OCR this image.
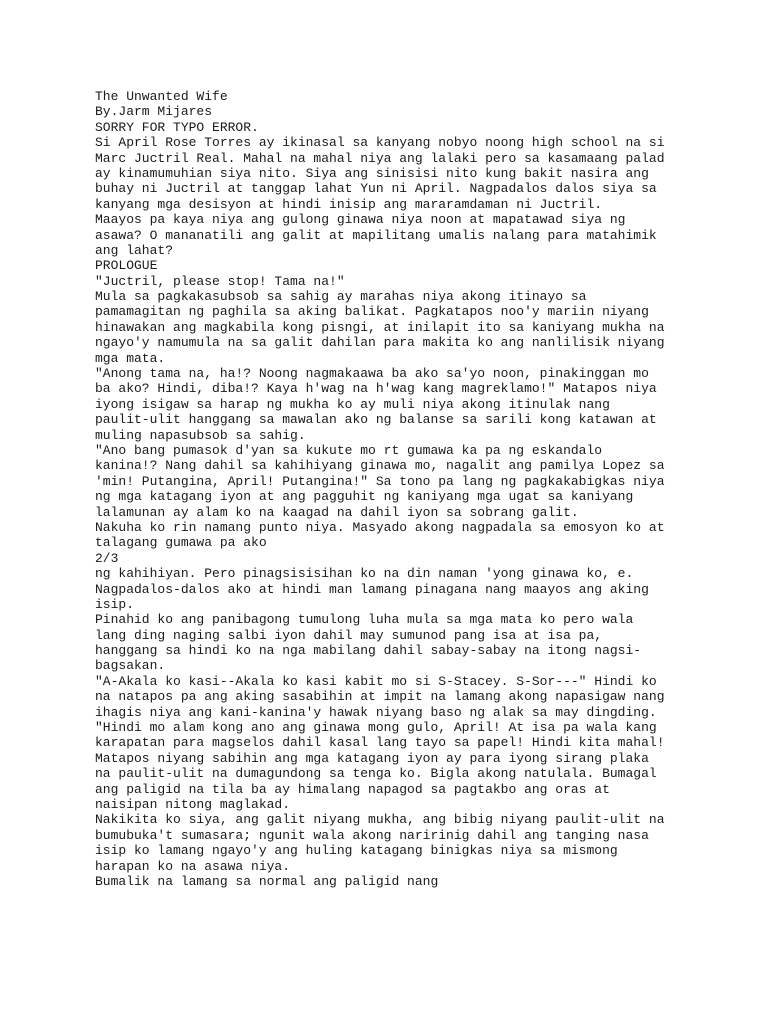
The Unwanted Wife
By.Jarm Mijares
SORRY FOR TYPO ERROR.
Si April Rose Torres ay ikinasal sa kanyang nobyo noong high school na si
Marc Juctril Real. Mahal na mahal niya ang lalaki pero sa kasamaang palad
ay kinamumuhian siya nito. Siya ang sinisisi nito kung bakit nasira ang
buhay ni Juctril at tanggap lahat Yun ni April. Nagpadalos dalos siya sa
kanyang mga desisyon at hindi inisip ang mararamdaman ni Juctril.
Maayos pa kaya niya ang gulong ginawa niya noon at mapatawad siya ng
asawa? O mananatili ang galit at mapilitang umalis nalang para matahimik
ang lahat?
PROLOGUE
"Juctril, please stop! Tama na!"
Mula sa pagkakasubsob sa sahig ay marahas niya akong itinayo sa
pamamagitan ng paghila sa aking balikat. Pagkatapos noo'y mariin niyang
hinawakan ang magkabila kong pisngi, at inilapit ito sa kaniyang mukha na
ngayo'y namumula na sa galit dahilan para makita ko ang nanlilisik niyang
mga mata.
"Anong tama na, ha!? Noong nagmakaawa ba ako sa'yo noon, pinakinggan mo
ba ako? Hindi, diba!? Kaya h'wag na h'wag kang magreklamo!" Matapos niya
iyong isigaw sa harap ng mukha ko ay muli niya akong itinulak nang
paulit-ulit hanggang sa mawalan ako ng balanse sa sarili kong katawan at
muling napasubsob sa sahig.
"Ano bang pumasok d'yan sa kukute mo rt gumawa ka pa ng eskandalo
kanina!? Nang dahil sa kahihiyang ginawa mo, nagalit ang pamilya Lopez sa
'min! Putangina, April! Putangina!" Sa tono pa lang ng pagkakabigkas niya
ng mga katagang iyon at ang pagguhit ng kaniyang mga ugat sa kaniyang
lalamunan ay alam ko na kaagad na dahil iyon sa sobrang galit.
Nakuha ko rin namang punto niya. Masyado akong nagpadala sa emosyon ko at
talagang gumawa pa ako
2/3
ng kahihiyan. Pero pinagsisisihan ko na din naman 'yong ginawa ko, e.
Nagpadalos-dalos ako at hindi man lamang pinagana nang maayos ang aking
isip.
Pinahid ko ang panibagong tumulong luha mula sa mga mata ko pero wala
lang ding naging salbi iyon dahil may sumunod pang isa at isa pa,
hanggang sa hindi ko na nga mabilang dahil sabay-sabay na itong nagsi-
bagsakan.
"A-Akala ko kasi--Akala ko kasi kabit mo si S-Stacey. S-Sor---" Hindi ko
na natapos pa ang aking sasabihin at impit na lamang akong napasigaw nang
ihagis niya ang kani-kanina'y hawak niyang baso ng alak sa may dingding.
"Hindi mo alam kong ano ang ginawa mong gulo, April! At isa pa wala kang
karapatan para magselos dahil kasal lang tayo sa papel! Hindi kita mahal!
Matapos niyang sabihin ang mga katagang iyon ay para iyong sirang plaka
na paulit-ulit na dumagundong sa tenga ko. Bigla akong natulala. Bumagal
ang paligid na tila ba ay himalang napagod sa pagtakbo ang oras at
naisipan nitong maglakad.
Nakikita ko siya, ang galit niyang mukha, ang bibig niyang paulit-ulit na
bumubuka't sumasara; ngunit wala akong naririnig dahil ang tanging nasa
isip ko lamang ngayo'y ang huling katagang binigkas niya sa mismong
harapan ko na asawa niya.
Bumalik na lamang sa normal ang paligid nang
